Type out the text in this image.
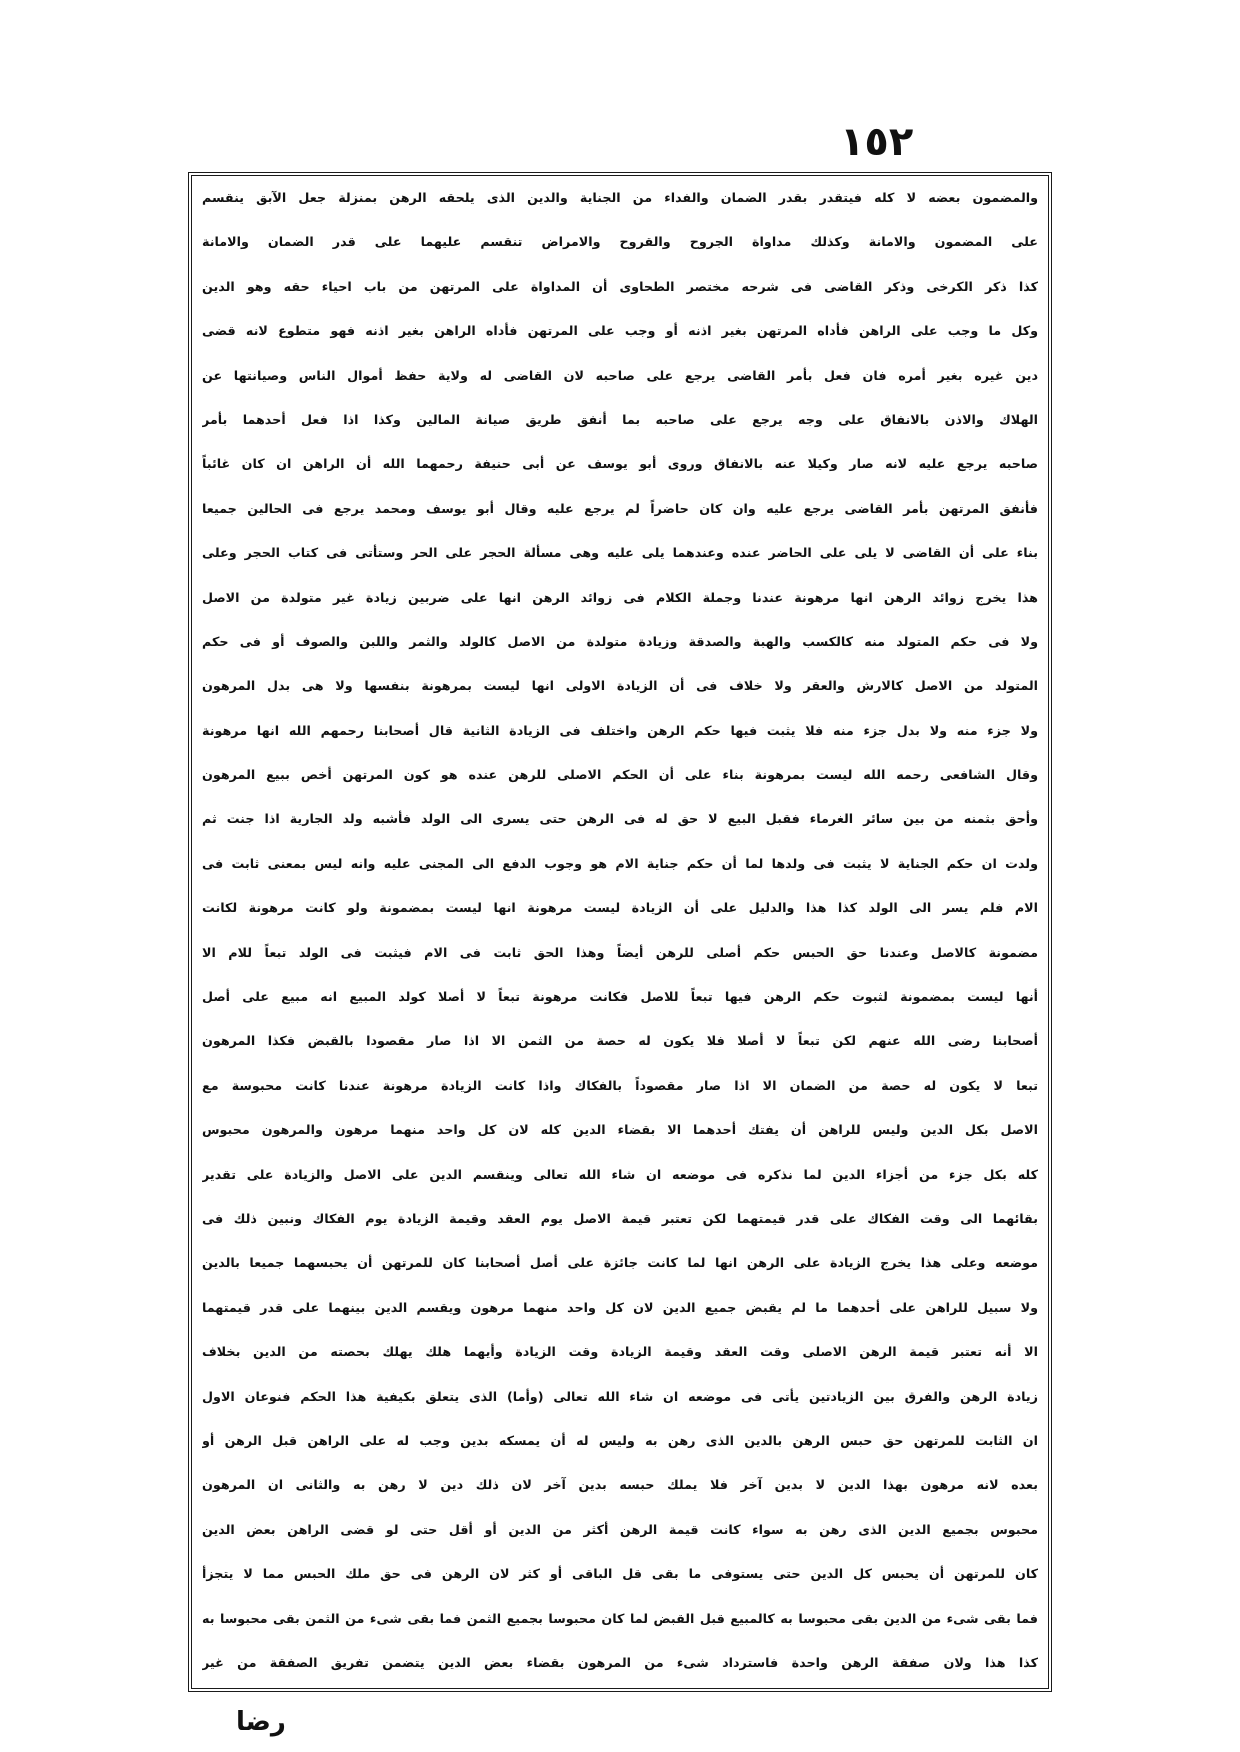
١٥٢
والمضمون بعضه لا كله فيتقدر بقدر الضمان والفداء من الجناية والدين الذى يلحقه الرهن بمنزلة جعل الآبق ينقسم
على المضمون والامانة وكذلك مداواة الجروح والقروح والامراض تنقسم عليهما على قدر الضمان والامانة
كذا ذكر الكرخى وذكر القاضى فى شرحه مختصر الطحاوى أن المداواة على المرتهن من باب احياء حقه وهو الدين
وكل ما وجب على الراهن فأداه المرتهن بغير اذنه أو وجب على المرتهن فأداه الراهن بغير اذنه فهو متطوع لانه قضى
دين غيره بغير أمره فان فعل بأمر القاضى يرجع على صاحبه لان القاضى له ولاية حفظ أموال الناس وصيانتها عن
الهلاك والاذن بالانفاق على وجه يرجع على صاحبه بما أنفق طريق صيانة المالين وكذا اذا فعل أحدهما بأمر
صاحبه يرجع عليه لانه صار وكيلا عنه بالانفاق وروى أبو يوسف عن أبى حنيفة رحمهما الله أن الراهن ان كان غائباً
فأنفق المرتهن بأمر القاضى يرجع عليه وان كان حاضراً لم يرجع عليه وقال أبو يوسف ومحمد يرجع فى الحالين جميعا
بناء على أن القاضى لا يلى على الحاضر عنده وعندهما يلى عليه وهى مسألة الحجر على الحر وستأتى فى كتاب الحجر وعلى
هذا يخرج زوائد الرهن انها مرهونة عندنا وجملة الكلام فى زوائد الرهن انها على ضربين زيادة غير متولدة من الاصل
ولا فى حكم المتولد منه كالكسب والهبة والصدقة وزيادة متولدة من الاصل كالولد والثمر واللبن والصوف أو فى حكم
المتولد من الاصل كالارش والعقر ولا خلاف فى أن الزيادة الاولى انها ليست بمرهونة بنفسها ولا هى بدل المرهون
ولا جزء منه ولا بدل جزء منه فلا يثبت فيها حكم الرهن واختلف فى الزيادة الثانية قال أصحابنا رحمهم الله انها مرهونة
وقال الشافعى رحمه الله ليست بمرهونة بناء على أن الحكم الاصلى للرهن عنده هو كون المرتهن أخص ببيع المرهون
وأحق بثمنه من بين سائر الغرماء فقبل البيع لا حق له فى الرهن حتى يسرى الى الولد فأشبه ولد الجارية اذا جنت ثم
ولدت ان حكم الجناية لا يثبت فى ولدها لما أن حكم جناية الام هو وجوب الدفع الى المجنى عليه وانه ليس بمعنى ثابت فى
الام فلم يسر الى الولد كذا هذا والدليل على أن الزيادة ليست مرهونة انها ليست بمضمونة ولو كانت مرهونة لكانت
مضمونة كالاصل وعندنا حق الحبس حكم أصلى للرهن أيضاً وهذا الحق ثابت فى الام فيثبت فى الولد تبعاً للام الا
أنها ليست بمضمونة لثبوت حكم الرهن فيها تبعاً للاصل فكانت مرهونة تبعاً لا أصلا كولد المبيع انه مبيع على أصل
أصحابنا رضى الله عنهم لكن تبعاً لا أصلا فلا يكون له حصة من الثمن الا اذا صار مقصودا بالقبض فكذا المرهون
تبعا لا يكون له حصة من الضمان الا اذا صار مقصوداً بالفكاك واذا كانت الزيادة مرهونة عندنا كانت محبوسة مع
الاصل بكل الدين وليس للراهن أن يفتك أحدهما الا بقضاء الدين كله لان كل واحد منهما مرهون والمرهون محبوس
كله بكل جزء من أجزاء الدين لما نذكره فى موضعه ان شاء الله تعالى وينقسم الدين على الاصل والزيادة على تقدير
بقائهما الى وقت الفكاك على قدر قيمتهما لكن تعتبر قيمة الاصل يوم العقد وقيمة الزيادة يوم الفكاك ونبين ذلك فى
موضعه وعلى هذا يخرج الزيادة على الرهن انها لما كانت جائزة على أصل أصحابنا كان للمرتهن أن يحبسهما جميعا بالدين
ولا سبيل للراهن على أحدهما ما لم يقبض جميع الدين لان كل واحد منهما مرهون ويقسم الدين بينهما على قدر قيمتهما
الا أنه تعتبر قيمة الرهن الاصلى وقت العقد وقيمة الزيادة وقت الزيادة وأيهما هلك يهلك بحصته من الدين بخلاف
زيادة الرهن والفرق بين الزيادتين يأتى فى موضعه ان شاء الله تعالى (وأما) الذى يتعلق بكيفية هذا الحكم فنوعان الاول
ان الثابت للمرتهن حق حبس الرهن بالدين الذى رهن به وليس له أن يمسكه بدين وجب له على الراهن قبل الرهن أو
بعده لانه مرهون بهذا الدين لا بدين آخر فلا يملك حبسه بدين آخر لان ذلك دين لا رهن به والثانى ان المرهون
محبوس بجميع الدين الذى رهن به سواء كانت قيمة الرهن أكثر من الدين أو أقل حتى لو قضى الراهن بعض الدين
كان للمرتهن أن يحبس كل الدين حتى يستوفى ما بقى قل الباقى أو كثر لان الرهن فى حق ملك الحبس مما لا يتجزأ
فما بقى شىء من الدين بقى محبوسا به كالمبيع قبل القبض لما كان محبوسا بجميع الثمن فما بقى شىء من الثمن بقى محبوسا به
كذا هذا ولان صفقة الرهن واحدة فاسترداد شىء من المرهون بقضاء بعض الدين يتضمن تفريق الصفقة من غير
رضا
